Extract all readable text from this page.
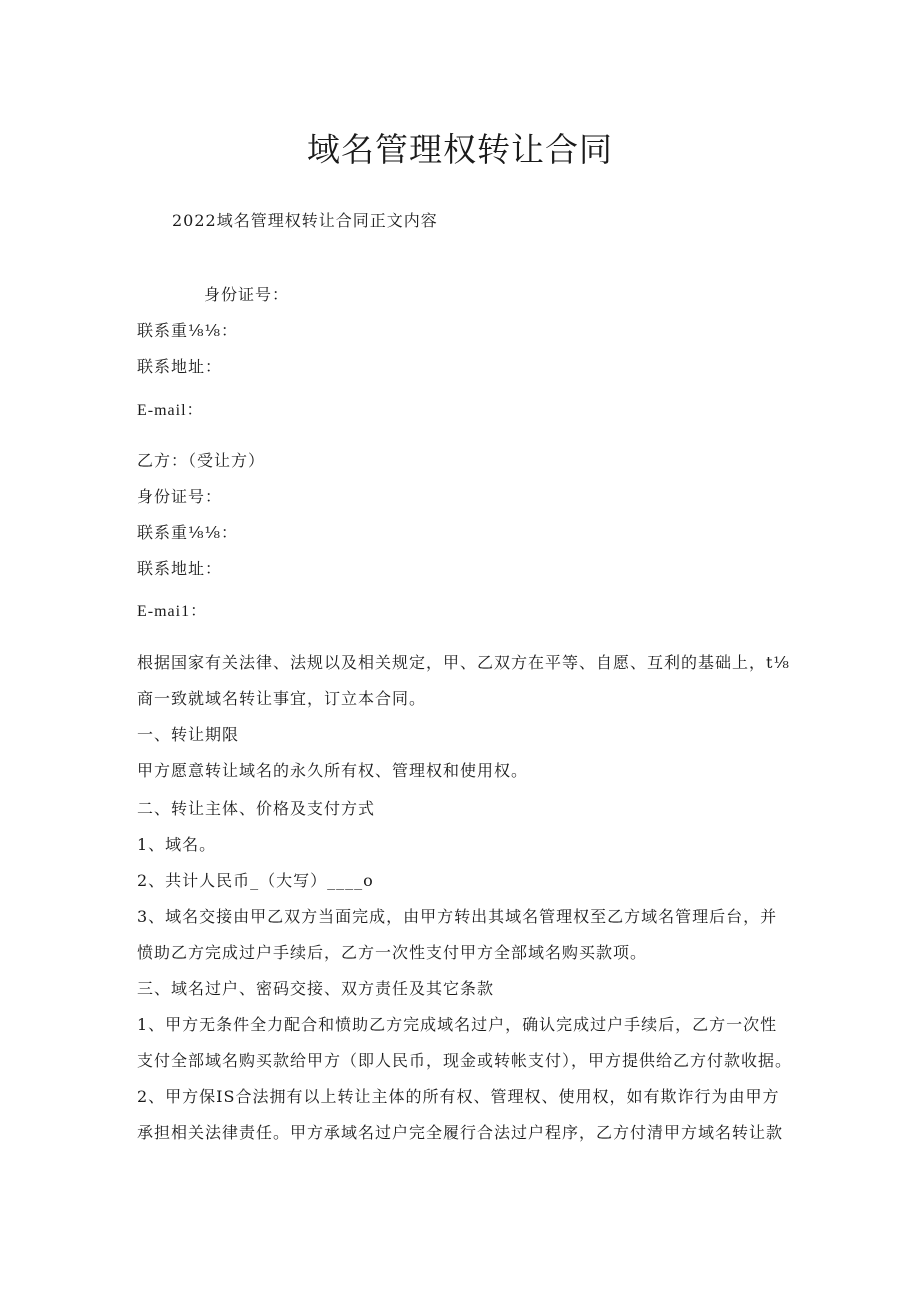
域名管理权转让合同
2022域名管理权转让合同正文内容
身份证号：
联系重⅛⅛：
联系地址：
E-mail：
乙方：（受让方）
身份证号：
联系重⅛⅛：
联系地址：
E-mai1：
根据国家有关法律、法规以及相关规定，甲、乙双方在平等、自愿、互利的基础上，t⅛
商一致就域名转让事宜，订立本合同。
一、转让期限
甲方愿意转让域名的永久所有权、管理权和使用权。
二、转让主体、价格及支付方式
1、域名。
2、共计人民币_（大写）____o
3、域名交接由甲乙双方当面完成，由甲方转出其域名管理权至乙方域名管理后台，并
愤助乙方完成过户手续后，乙方一次性支付甲方全部域名购买款项。
三、域名过户、密码交接、双方责任及其它条款
1、甲方无条件全力配合和愤助乙方完成域名过户，确认完成过户手续后，乙方一次性
支付全部域名购买款给甲方（即人民币，现金或转帐支付），甲方提供给乙方付款收据。
2、甲方保IS合法拥有以上转让主体的所有权、管理权、使用权，如有欺诈行为由甲方
承担相关法律责任。甲方承域名过户完全履行合法过户程序，乙方付清甲方域名转让款
